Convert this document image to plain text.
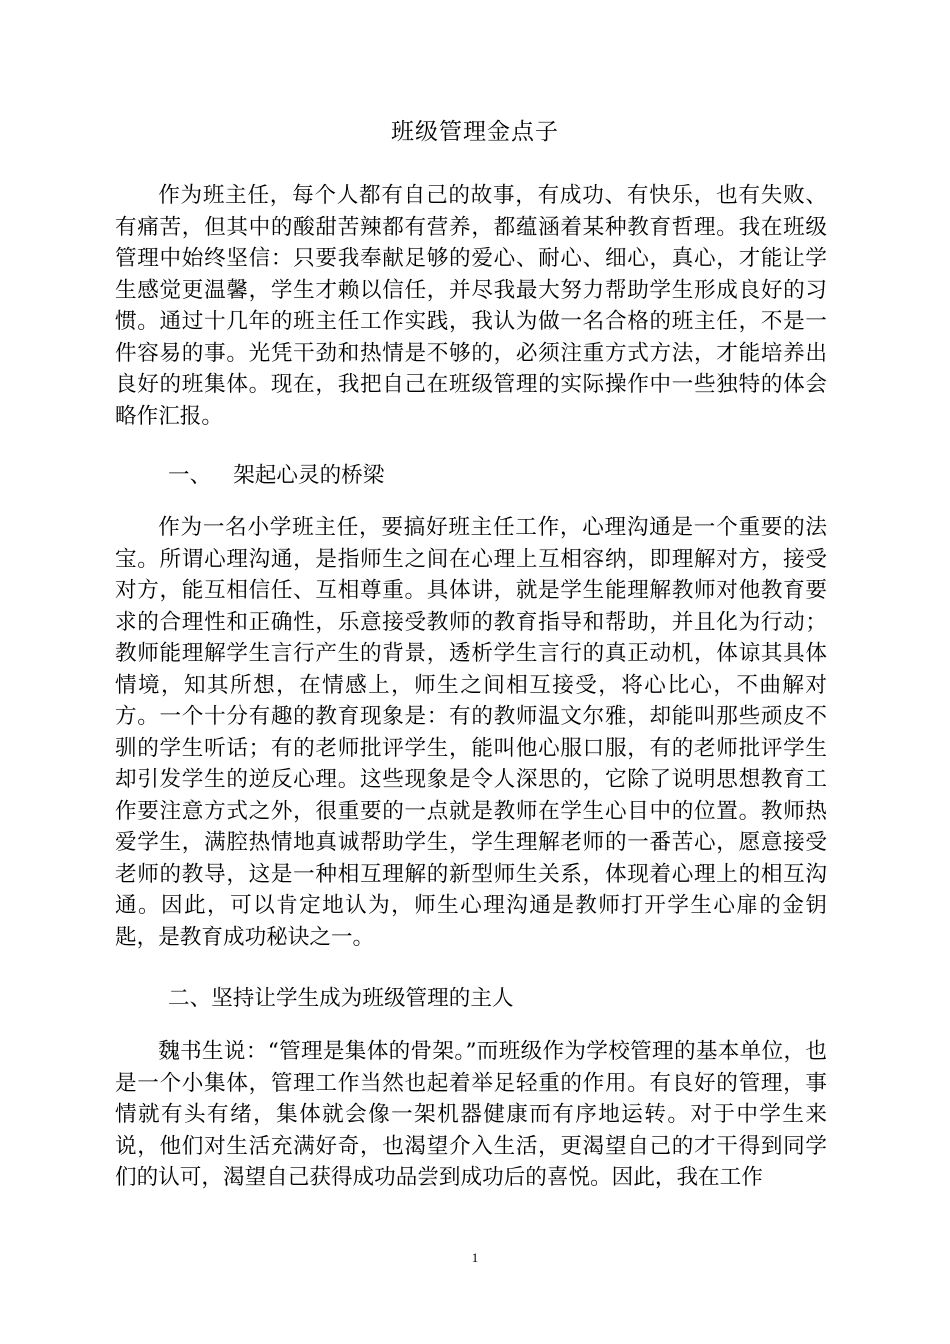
班级管理金点子

作为班主任，每个人都有自己的故事，有成功、有快乐，也有失败、有痛苦，但其中的酸甜苦辣都有营养，都蕴涵着某种教育哲理。我在班级管理中始终坚信：只要我奉献足够的爱心、耐心、细心，真心，才能让学生感觉更温馨，学生才赖以信任，并尽我最大努力帮助学生形成良好的习惯。通过十几年的班主任工作实践，我认为做一名合格的班主任，不是一件容易的事。光凭干劲和热情是不够的，必须注重方式方法，才能培养出良好的班集体。现在，我把自己在班级管理的实际操作中一些独特的体会略作汇报。

一、 架起心灵的桥梁

作为一名小学班主任，要搞好班主任工作，心理沟通是一个重要的法宝。所谓心理沟通，是指师生之间在心理上互相容纳，即理解对方，接受对方，能互相信任、互相尊重。具体讲，就是学生能理解教师对他教育要求的合理性和正确性，乐意接受教师的教育指导和帮助，并且化为行动；教师能理解学生言行产生的背景，透析学生言行的真正动机，体谅其具体情境，知其所想，在情感上，师生之间相互接受，将心比心，不曲解对方。一个十分有趣的教育现象是：有的教师温文尔雅，却能叫那些顽皮不驯的学生听话；有的老师批评学生，能叫他心服口服，有的老师批评学生却引发学生的逆反心理。这些现象是令人深思的，它除了说明思想教育工作要注意方式之外，很重要的一点就是教师在学生心目中的位置。教师热爱学生，满腔热情地真诚帮助学生，学生理解老师的一番苦心，愿意接受老师的教导，这是一种相互理解的新型师生关系，体现着心理上的相互沟通。因此，可以肯定地认为，师生心理沟通是教师打开学生心扉的金钥匙，是教育成功秘诀之一。

二、坚持让学生成为班级管理的主人

魏书生说：“管理是集体的骨架。”而班级作为学校管理的基本单位，也是一个小集体，管理工作当然也起着举足轻重的作用。有良好的管理，事情就有头有绪，集体就会像一架机器健康而有序地运转。对于中学生来说，他们对生活充满好奇，也渴望介入生活，更渴望自己的才干得到同学们的认可，渴望自己获得成功品尝到成功后的喜悦。因此，我在工作

1
